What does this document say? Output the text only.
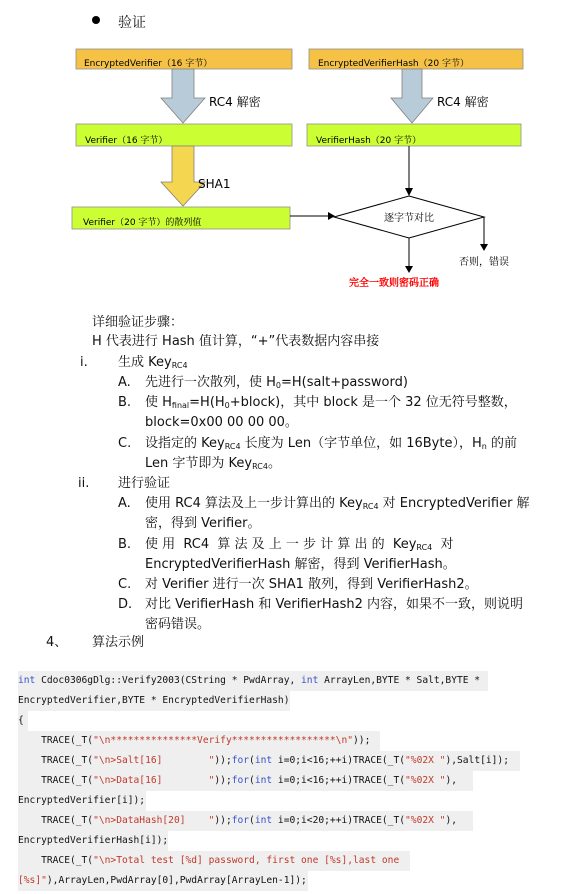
验证
EncryptedVerifier（16 字节）	EncryptedVerifierHash（20 字节）
RC4 解密	RC4 解密
Verifier（16 字节）	VerifierHash（20 字节）
SHA1
Verifier（20 字节）的散列值	逐字节对比
否则，错误
完全一致则密码正确
详细验证步骤：
H 代表进行 Hash 值计算，“+”代表数据内容串接
i. 生成 Key$_{RC4}$
A. 先进行一次散列，使 $H_0=H(salt+password)$
B. 使 $H_{final}=H(H_0+block)$，其中 block 是一个 32 位无符号整数，
block=0x00 00 00 00。
C. 设指定的 Key$_{RC4}$ 长度为 Len（字节单位，如 16Byte），$H_n$ 的前
Len 字节即为 Key$_{RC4}$。
ii. 进行验证
A. 使用 RC4 算法及上一步计算出的 Key$_{RC4}$ 对 EncryptedVerifier 解
密，得到 Verifier。
B. 使 用  RC4  算 法 及 上 一 步 计 算 出 的  Key$_{RC4}$  对
EncryptedVerifierHash 解密，得到 VerifierHash。
C. 对 Verifier 进行一次 SHA1 散列，得到 VerifierHash2。
D. 对比 VerifierHash 和 VerifierHash2 内容，如果不一致，则说明
密码错误。
4、 算法示例
int Cdoc0306gDlg::Verify2003(CString * PwdArray, int ArrayLen,BYTE * Salt,BYTE *
EncryptedVerifier,BYTE * EncryptedVerifierHash)
{
TRACE(_T("\n***************Verify******************\n"));
TRACE(_T("\n>Salt[16]        "));for(int i=0;i<16;++i)TRACE(_T("%02X "),Salt[i]);
TRACE(_T("\n>Data[16]        "));for(int i=0;i<16;++i)TRACE(_T("%02X "),
EncryptedVerifier[i]);
TRACE(_T("\n>DataHash[20]    "));for(int i=0;i<20;++i)TRACE(_T("%02X "),
EncryptedVerifierHash[i]);
TRACE(_T("\n>Total test [%d] password, first one [%s],last one
[%s]"),ArrayLen,PwdArray[0],PwdArray[ArrayLen-1]);
